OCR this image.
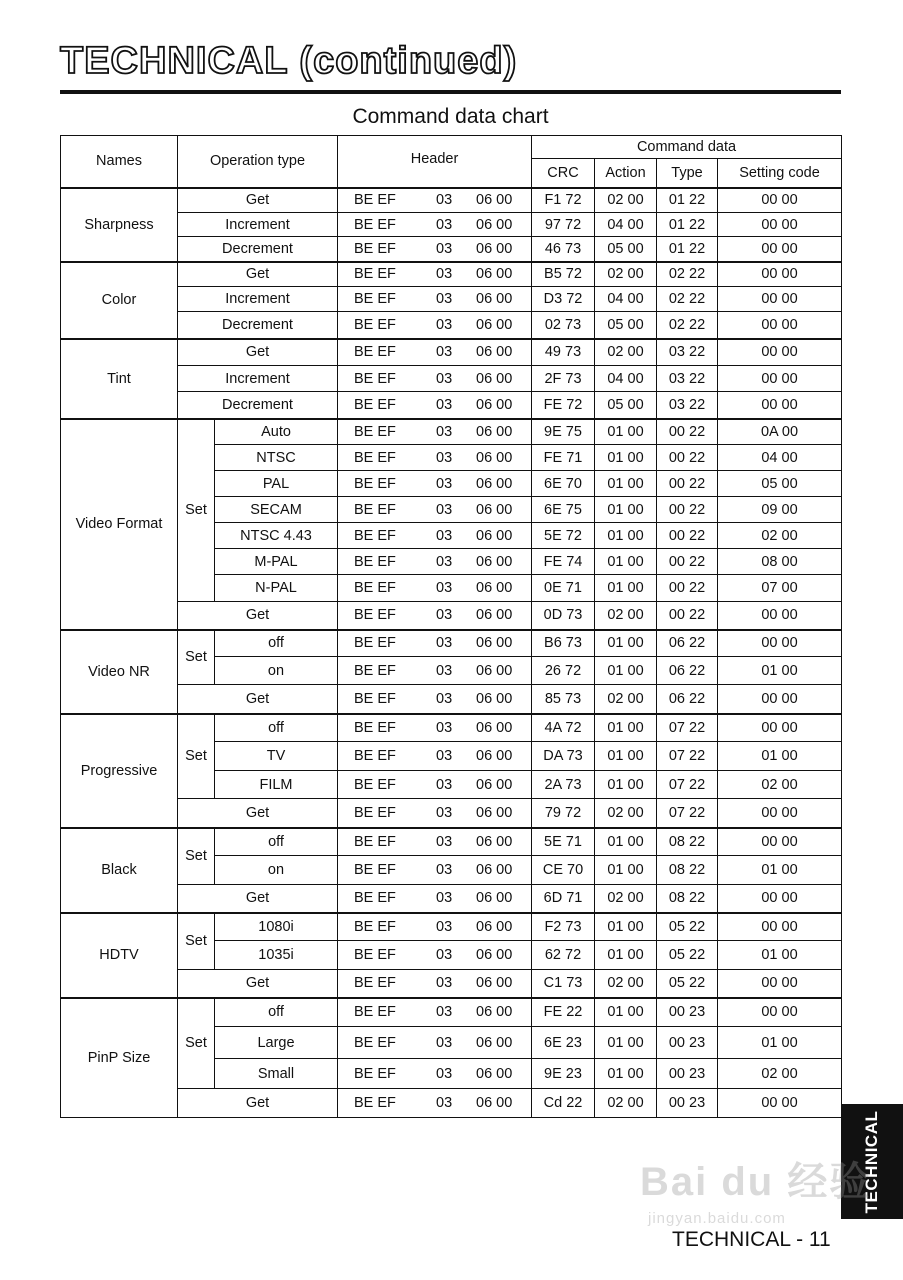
TECHNICAL (continued)
Command data chart
Names	Operation type		Header	Command data			
				CRC	Action	Type	Setting code
Sharpness	Get		BE EF 03 06 00	F1 72	02 00	01 22	00 00
	Increment		BE EF 03 06 00	97 72	04 00	01 22	00 00
	Decrement		BE EF 03 06 00	46 73	05 00	01 22	00 00
Color	Get		BE EF 03 06 00	B5 72	02 00	02 22	00 00
	Increment		BE EF 03 06 00	D3 72	04 00	02 22	00 00
	Decrement		BE EF 03 06 00	02 73	05 00	02 22	00 00
Tint	Get		BE EF 03 06 00	49 73	02 00	03 22	00 00
	Increment		BE EF 03 06 00	2F 73	04 00	03 22	00 00
	Decrement		BE EF 03 06 00	FE 72	05 00	03 22	00 00
Video Format	Set	Auto	BE EF 03 06 00	9E 75	01 00	00 22	0A 00
		NTSC	BE EF 03 06 00	FE 71	01 00	00 22	04 00
		PAL	BE EF 03 06 00	6E 70	01 00	00 22	05 00
		SECAM	BE EF 03 06 00	6E 75	01 00	00 22	09 00
		NTSC 4.43	BE EF 03 06 00	5E 72	01 00	00 22	02 00
		M-PAL	BE EF 03 06 00	FE 74	01 00	00 22	08 00
		N-PAL	BE EF 03 06 00	0E 71	01 00	00 22	07 00
	Get		BE EF 03 06 00	0D 73	02 00	00 22	00 00
Video NR	Set	off	BE EF 03 06 00	B6 73	01 00	06 22	00 00
		on	BE EF 03 06 00	26 72	01 00	06 22	01 00
	Get		BE EF 03 06 00	85 73	02 00	06 22	00 00
Progressive	Set	off	BE EF 03 06 00	4A 72	01 00	07 22	00 00
		TV	BE EF 03 06 00	DA 73	01 00	07 22	01 00
		FILM	BE EF 03 06 00	2A 73	01 00	07 22	02 00
	Get		BE EF 03 06 00	79 72	02 00	07 22	00 00
Black	Set	off	BE EF 03 06 00	5E 71	01 00	08 22	00 00
		on	BE EF 03 06 00	CE 70	01 00	08 22	01 00
	Get		BE EF 03 06 00	6D 71	02 00	08 22	00 00
HDTV	Set	1080i	BE EF 03 06 00	F2 73	01 00	05 22	00 00
		1035i	BE EF 03 06 00	62 72	01 00	05 22	01 00
	Get		BE EF 03 06 00	C1 73	02 00	05 22	00 00
PinP Size	Set	off	BE EF 03 06 00	FE 22	01 00	00 23	00 00
		Large	BE EF 03 06 00	6E 23	01 00	00 23	01 00
		Small	BE EF 03 06 00	9E 23	01 00	00 23	02 00
	Get		BE EF 03 06 00	Cd 22	02 00	00 23	00 00
TECHNICAL
Bai du 经验
jingyan.baidu.com
TECHNICAL - 11
